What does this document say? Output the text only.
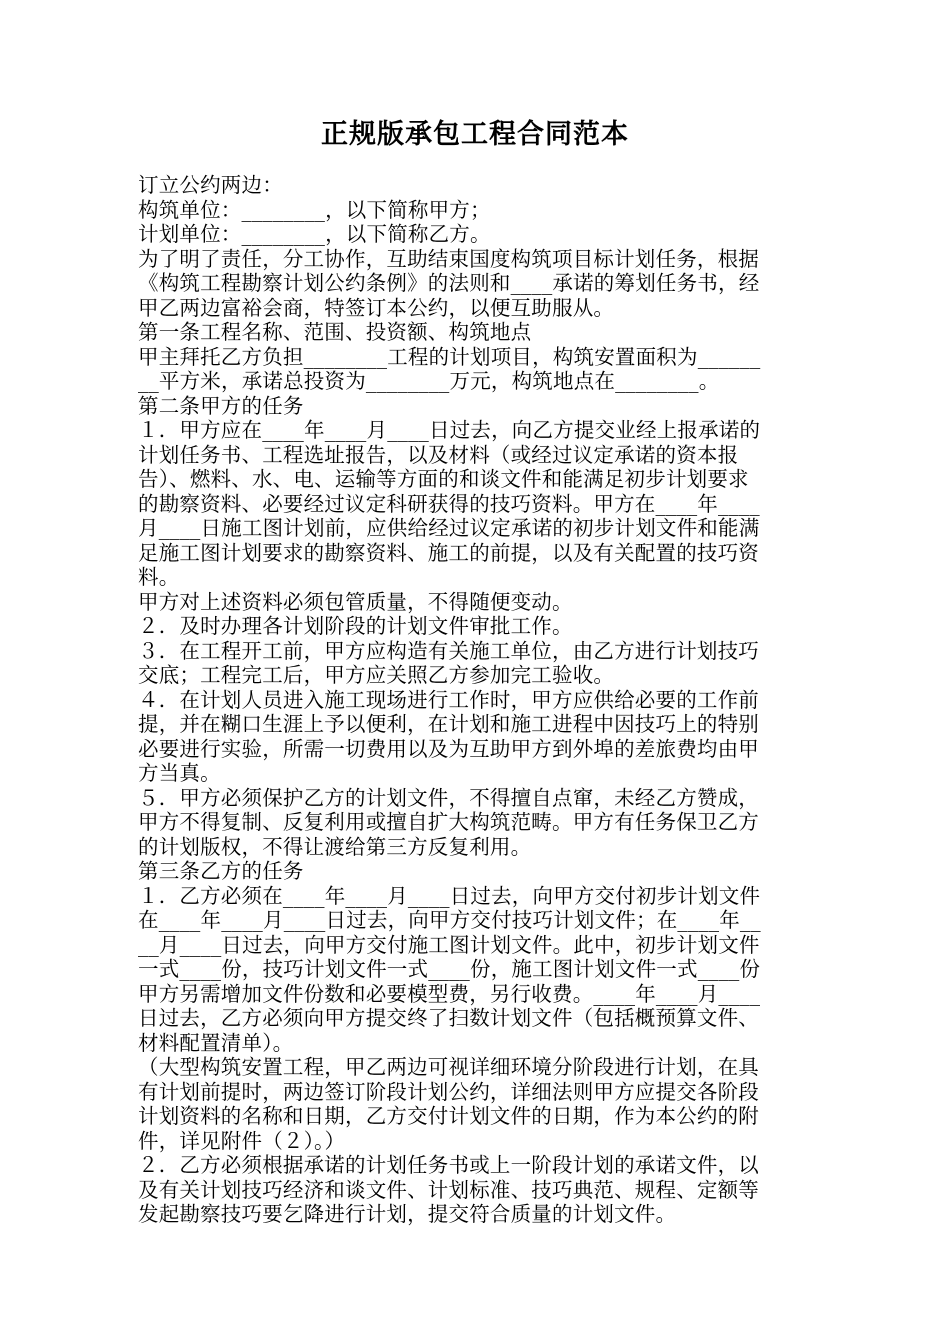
正规版承包工程合同范本
订立公约两边：
构筑单位：________，以下简称甲方；
计划单位：________，以下简称乙方。
为了明了责任，分工协作，互助结束国度构筑项目标计划任务，根据
《构筑工程勘察计划公约条例》的法则和____承诺的筹划任务书，经
甲乙两边富裕会商，特签订本公约，以便互助服从。
第一条工程名称、范围、投资额、构筑地点
甲主拜托乙方负担________工程的计划项目，构筑安置面积为______
__平方米，承诺总投资为________万元，构筑地点在________。
第二条甲方的任务
１．甲方应在____年____月____日过去，向乙方提交业经上报承诺的
计划任务书、工程选址报告，以及材料（或经过议定承诺的资本报
告）、燃料、水、电、运输等方面的和谈文件和能满足初步计划要求
的勘察资料、必要经过议定科研获得的技巧资料。甲方在____年____
月____日施工图计划前，应供给经过议定承诺的初步计划文件和能满
足施工图计划要求的勘察资料、施工的前提，以及有关配置的技巧资
料。
甲方对上述资料必须包管质量，不得随便变动。
２．及时办理各计划阶段的计划文件审批工作。
３．在工程开工前，甲方应构造有关施工单位，由乙方进行计划技巧
交底；工程完工后，甲方应关照乙方参加完工验收。
４．在计划人员进入施工现场进行工作时，甲方应供给必要的工作前
提，并在糊口生涯上予以便利，在计划和施工进程中因技巧上的特别
必要进行实验，所需一切费用以及为互助甲方到外埠的差旅费均由甲
方当真。
５．甲方必须保护乙方的计划文件，不得擅自点窜，未经乙方赞成，
甲方不得复制、反复利用或擅自扩大构筑范畴。甲方有任务保卫乙方
的计划版权，不得让渡给第三方反复利用。
第三条乙方的任务
１．乙方必须在____年____月____日过去，向甲方交付初步计划文件
在____年____月____日过去，向甲方交付技巧计划文件；在____年__
__月____日过去，向甲方交付施工图计划文件。此中，初步计划文件
一式____份，技巧计划文件一式____份，施工图计划文件一式____份
甲方另需增加文件份数和必要模型费，另行收费。____年____月____
日过去，乙方必须向甲方提交终了扫数计划文件（包括概预算文件、
材料配置清单）。
（大型构筑安置工程，甲乙两边可视详细环境分阶段进行计划，在具
有计划前提时，两边签订阶段计划公约，详细法则甲方应提交各阶段
计划资料的名称和日期，乙方交付计划文件的日期，作为本公约的附
件，详见附件（２）。）
２．乙方必须根据承诺的计划任务书或上一阶段计划的承诺文件，以
及有关计划技巧经济和谈文件、计划标准、技巧典范、规程、定额等
发起勘察技巧要乞降进行计划，提交符合质量的计划文件。
